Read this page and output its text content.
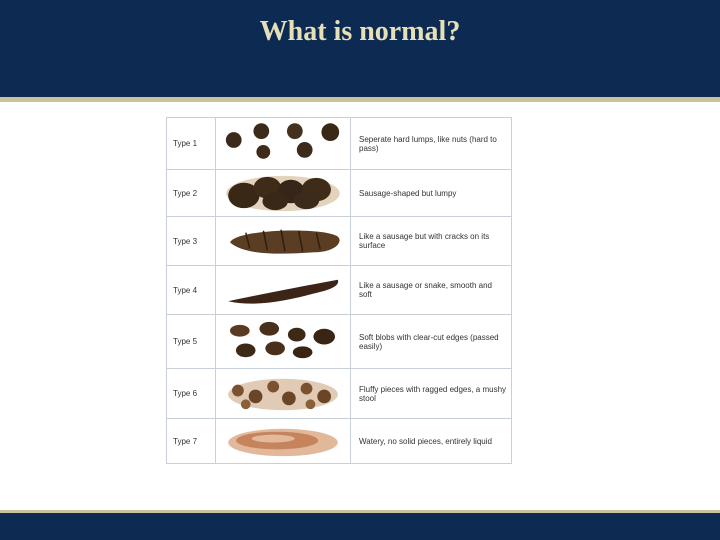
What is normal?
Type 1	Seperate hard lumps, like nuts (hard to pass)
Type 2	Sausage-shaped but lumpy
Type 3	Like a sausage but with cracks on its surface
Type 4	Like a sausage or snake, smooth and soft
Type 5	Soft blobs with clear-cut edges (passed easily)
Type 6	Fluffy pieces with ragged edges, a mushy stool
Type 7	Watery, no solid pieces, entirely liquid
